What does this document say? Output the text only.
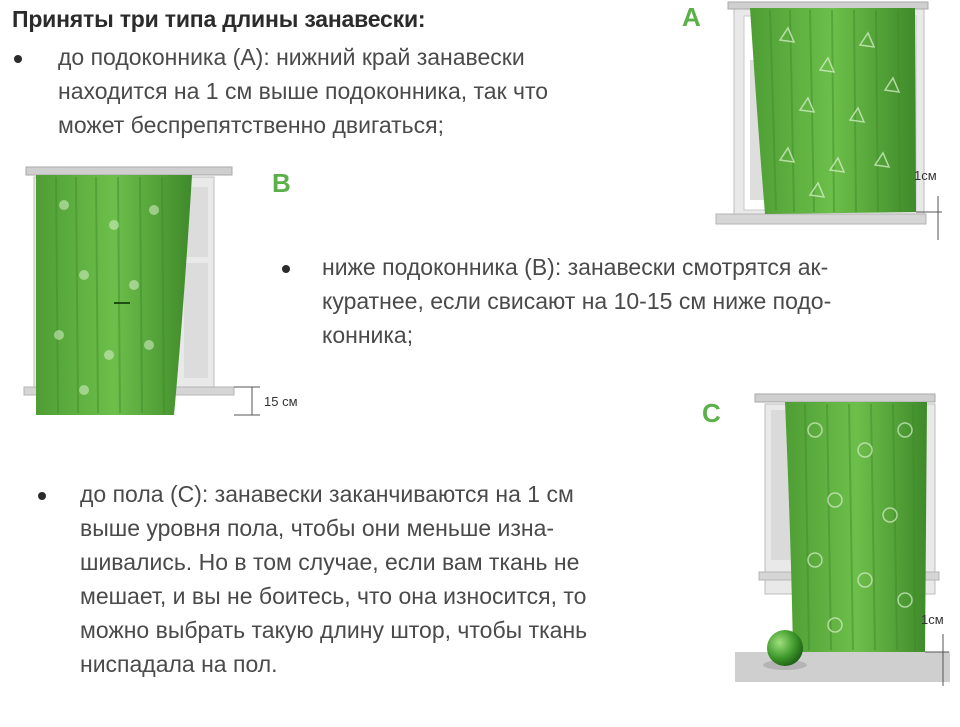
Приняты три типа длины занавески:
до подоконника (А): нижний край занавески
находится на 1 см выше подоконника, так что
может беспрепятственно двигаться;
ниже подоконника (В): занавески смотрятся ак-
куратнее, если свисают на 10-15 см ниже подо-
конника;
до пола (С): занавески заканчиваются на 1 см
выше уровня пола, чтобы они меньше изна-
шивались. Но в том случае, если вам ткань не
мешает, и вы не боитесь, что она износится, то
можно выбрать такую длину штор, чтобы ткань
ниспадала на пол.
A
B
C
1см
15 см
1см
